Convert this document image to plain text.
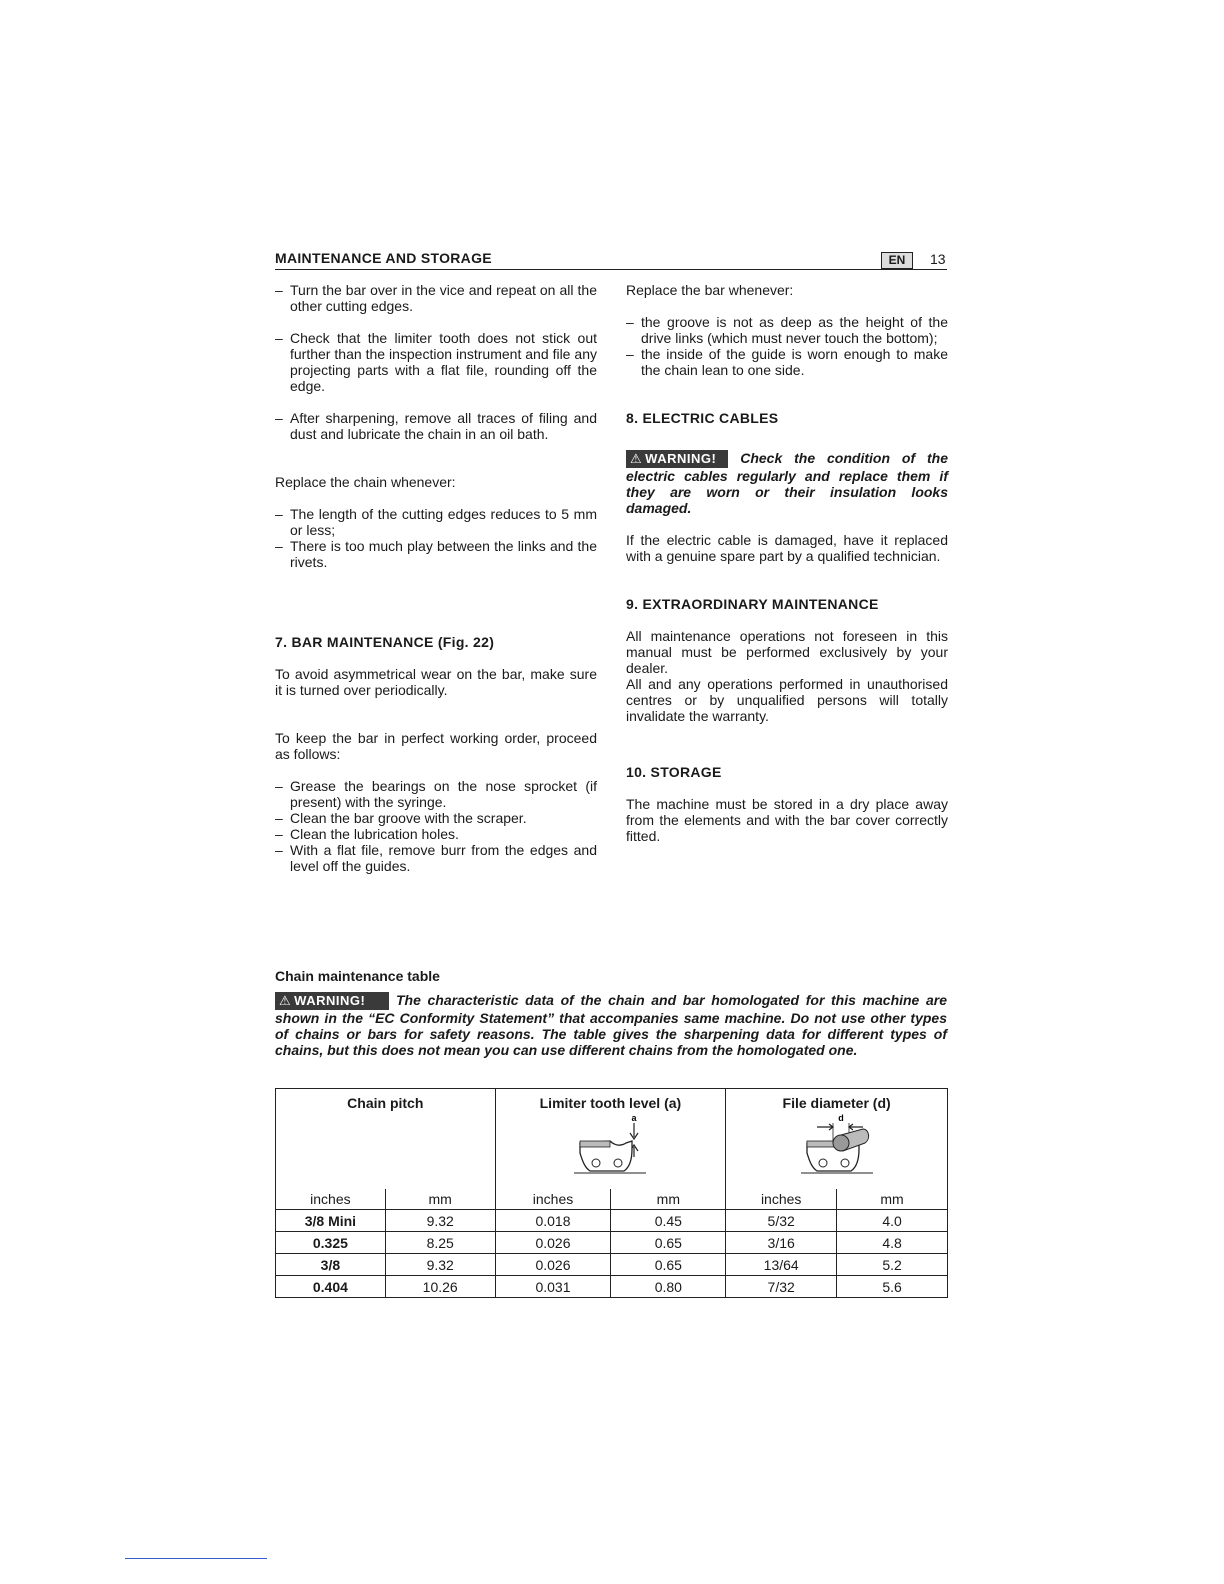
MAINTENANCE AND STORAGE	EN	13
– Turn the bar over in the vice and repeat on all the other cutting edges.
– Check that the limiter tooth does not stick out further than the inspection instrument and file any projecting parts with a flat file, rounding off the edge.
– After sharpening, remove all traces of filing and dust and lubricate the chain in an oil bath.

Replace the chain whenever:

– The length of the cutting edges reduces to 5 mm or less;
– There is too much play between the links and the rivets.
7. BAR MAINTENANCE (Fig. 22)

To avoid asymmetrical wear on the bar, make sure it is turned over periodically.

To keep the bar in perfect working order, proceed as follows:

– Grease the bearings on the nose sprocket (if present) with the syringe.
– Clean the bar groove with the scraper.
– Clean the lubrication holes.
– With a flat file, remove burr from the edges and level off the guides.

Replace the bar whenever:

– the groove is not as deep as the height of the drive links (which must never touch the bottom);
– the inside of the guide is worn enough to make the chain lean to one side.
8. ELECTRIC CABLES

⚠ WARNING! Check the condition of the electric cables regularly and replace them if they are worn or their insulation looks damaged.

If the electric cable is damaged, have it replaced with a genuine spare part by a qualified technician.

9. EXTRAORDINARY MAINTENANCE

All maintenance operations not foreseen in this manual must be performed exclusively by your dealer.

All and any operations performed in unauthorised centres or by unqualified persons will totally invalidate the warranty.

10. STORAGE

The machine must be stored in a dry place away from the elements and with the bar cover correctly fitted.

Chain maintenance table

⚠ WARNING! The characteristic data of the chain and bar homologated for this machine are shown in the “EC Conformity Statement” that accompanies same machine. Do not use other types of chains or bars for safety reasons. The table gives the sharpening data for different types of chains, but this does not mean you can use different chains from the homologated one.

Chain pitch		Limiter tooth level (a)
a		File diameter (d)
d	

inches	mm	inches	mm	inches	mm
3/8 Mini	9.32	0.018	0.45	5/32	4.0
0.325	8.25	0.026	0.65	3/16	4.8
3/8	9.32	0.026	0.65	13/64	5.2
0.404	10.26	0.031	0.80	7/32	5.6
